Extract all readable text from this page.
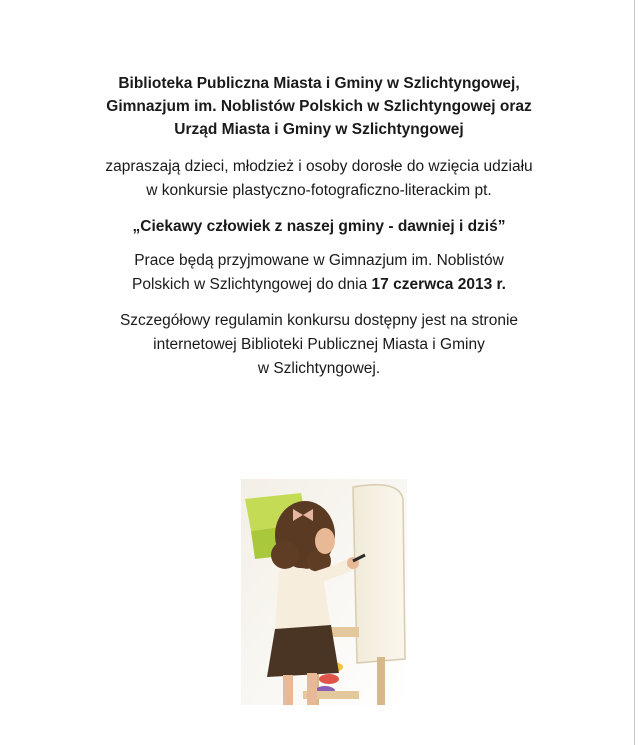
Biblioteka Publiczna Miasta i Gminy w Szlichtyngowej,

Gimnazjum im. Noblistów Polskich w Szlichtyngowej oraz

Urząd Miasta i Gminy w Szlichtyngowej

zapraszają dzieci, młodzież i osoby dorosłe do wzięcia udziału

w konkursie plastyczno-fotograficzno-literackim pt.

„Ciekawy człowiek z naszej gminy - dawniej i dziś”

Prace będą przyjmowane w Gimnazjum im. Noblistów

Polskich w Szlichtyngowej do dnia 17 czerwca 2013 r.

Szczegółowy regulamin konkursu dostępny jest na stronie

internetowej Biblioteki Publicznej Miasta i Gminy

w Szlichtyngowej.
